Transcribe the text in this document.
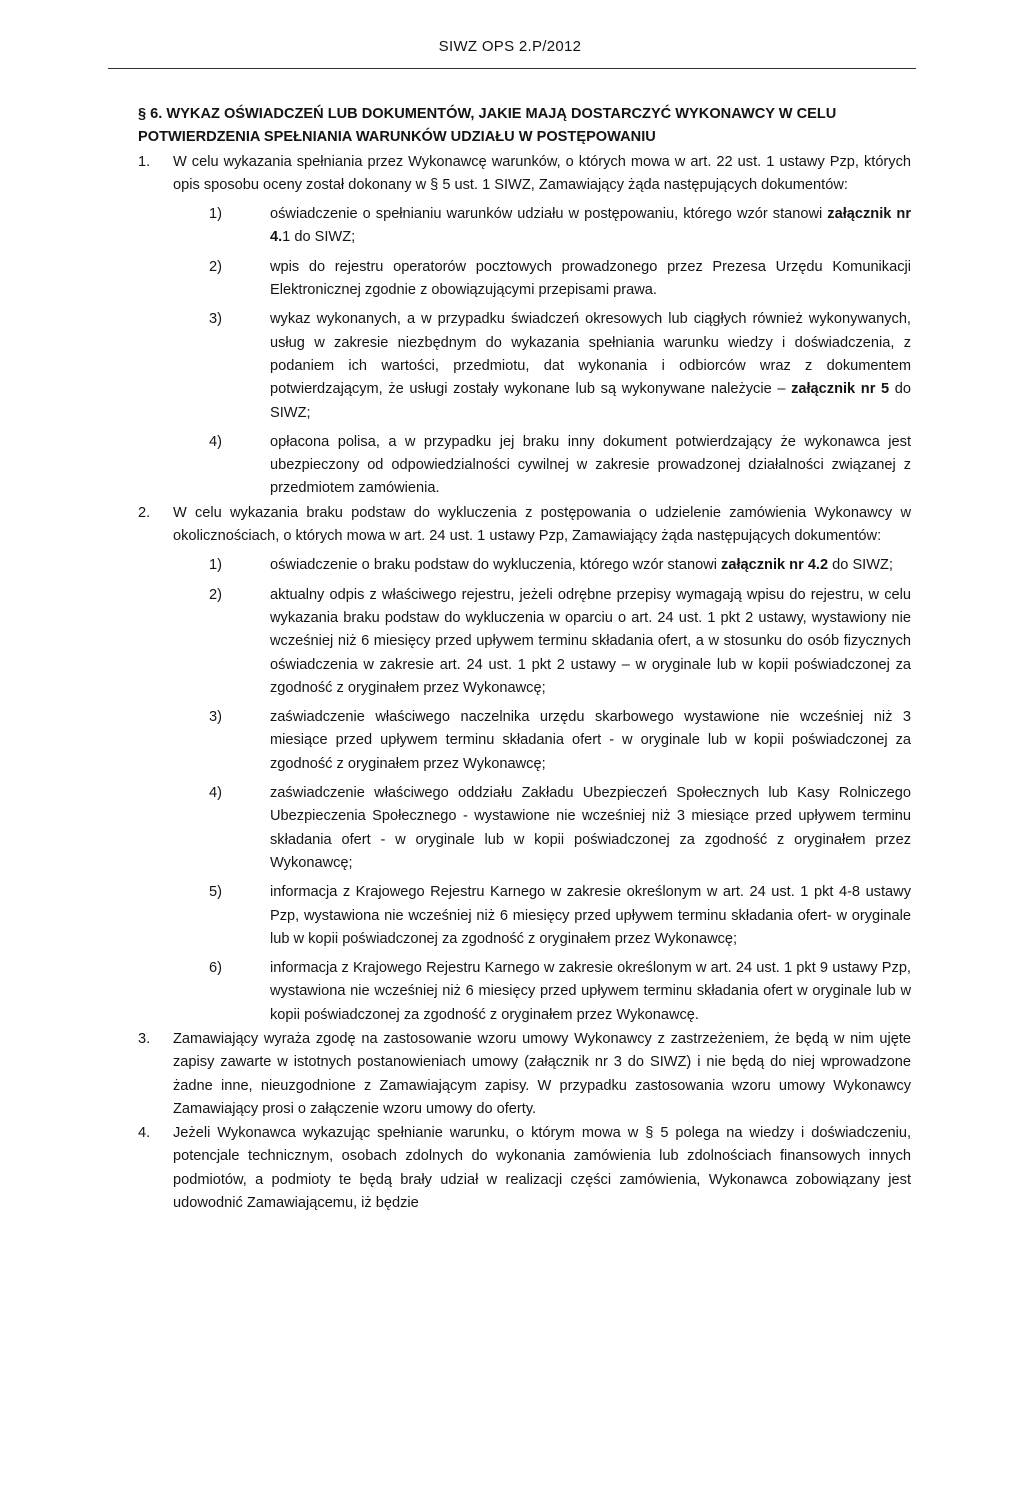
SIWZ OPS 2.P/2012
§ 6. WYKAZ OŚWIADCZEŃ LUB DOKUMENTÓW, JAKIE MAJĄ DOSTARCZYĆ WYKONAWCY W CELU POTWIERDZENIA SPEŁNIANIA WARUNKÓW UDZIAŁU W POSTĘPOWANIU
1. W celu wykazania spełniania przez Wykonawcę warunków, o których mowa w art. 22 ust. 1 ustawy Pzp, których opis sposobu oceny został dokonany w § 5 ust. 1 SIWZ, Zamawiający żąda następujących dokumentów:
1)	oświadczenie o spełnianiu warunków udziału w postępowaniu, którego wzór stanowi załącznik nr 4.1 do SIWZ;
2)	wpis do rejestru operatorów pocztowych prowadzonego przez Prezesa Urzędu Komunikacji Elektronicznej zgodnie z obowiązującymi przepisami prawa.
3)	wykaz wykonanych, a w przypadku świadczeń okresowych lub ciągłych również wykonywanych, usług w zakresie niezbędnym do wykazania spełniania warunku wiedzy i doświadczenia, z podaniem ich wartości, przedmiotu, dat wykonania i odbiorców wraz z dokumentem potwierdzającym, że usługi zostały wykonane lub są wykonywane należycie – załącznik nr 5 do SIWZ;
4)	opłacona polisa, a w przypadku jej braku inny dokument potwierdzający że wykonawca jest ubezpieczony od odpowiedzialności cywilnej w zakresie prowadzonej działalności związanej z przedmiotem zamówienia.
2. W celu wykazania braku podstaw do wykluczenia z postępowania o udzielenie zamówienia Wykonawcy w okolicznościach, o których mowa w art. 24 ust. 1 ustawy Pzp, Zamawiający żąda następujących dokumentów:
1)	oświadczenie o braku podstaw do wykluczenia, którego wzór stanowi załącznik nr 4.2 do SIWZ;
2)	aktualny odpis z właściwego rejestru, jeżeli odrębne przepisy wymagają wpisu do rejestru, w celu wykazania braku podstaw do wykluczenia w oparciu o art. 24 ust. 1 pkt 2 ustawy, wystawiony nie wcześniej niż 6 miesięcy przed upływem terminu składania ofert, a w stosunku do osób fizycznych oświadczenia w zakresie art. 24 ust. 1 pkt 2 ustawy – w oryginale lub w kopii poświadczonej za zgodność z oryginałem przez Wykonawcę;
3)	zaświadczenie właściwego naczelnika urzędu skarbowego wystawione nie wcześniej niż 3 miesiące przed upływem terminu składania ofert - w oryginale lub w kopii poświadczonej za zgodność z oryginałem przez Wykonawcę;
4)	zaświadczenie właściwego oddziału Zakładu Ubezpieczeń Społecznych lub Kasy Rolniczego Ubezpieczenia Społecznego - wystawione nie wcześniej niż 3 miesiące przed upływem terminu składania ofert - w oryginale lub w kopii poświadczonej za zgodność z oryginałem przez Wykonawcę;
5)	informacja z Krajowego Rejestru Karnego w zakresie określonym w art. 24 ust. 1 pkt 4-8 ustawy Pzp, wystawiona nie wcześniej niż 6 miesięcy przed upływem terminu składania ofert- w oryginale lub w kopii poświadczonej za zgodność z oryginałem przez Wykonawcę;
6)	informacja z Krajowego Rejestru Karnego w zakresie określonym w art. 24 ust. 1 pkt 9 ustawy Pzp, wystawiona nie wcześniej niż 6 miesięcy przed upływem terminu składania ofert w oryginale lub w kopii poświadczonej za zgodność z oryginałem przez Wykonawcę.
3. Zamawiający wyraża zgodę na zastosowanie wzoru umowy Wykonawcy z zastrzeżeniem, że będą w nim ujęte zapisy zawarte w istotnych postanowieniach umowy (załącznik nr 3 do SIWZ) i nie będą do niej wprowadzone żadne inne, nieuzgodnione z Zamawiającym zapisy. W przypadku zastosowania wzoru umowy Wykonawcy Zamawiający prosi o załączenie wzoru umowy do oferty.
4. Jeżeli Wykonawca wykazując spełnianie warunku, o którym mowa w § 5 polega na wiedzy i doświadczeniu, potencjale technicznym, osobach zdolnych do wykonania zamówienia lub zdolnościach finansowych innych podmiotów, a podmioty te będą brały udział w realizacji części zamówienia, Wykonawca zobowiązany jest udowodnić Zamawiającemu, iż będzie
